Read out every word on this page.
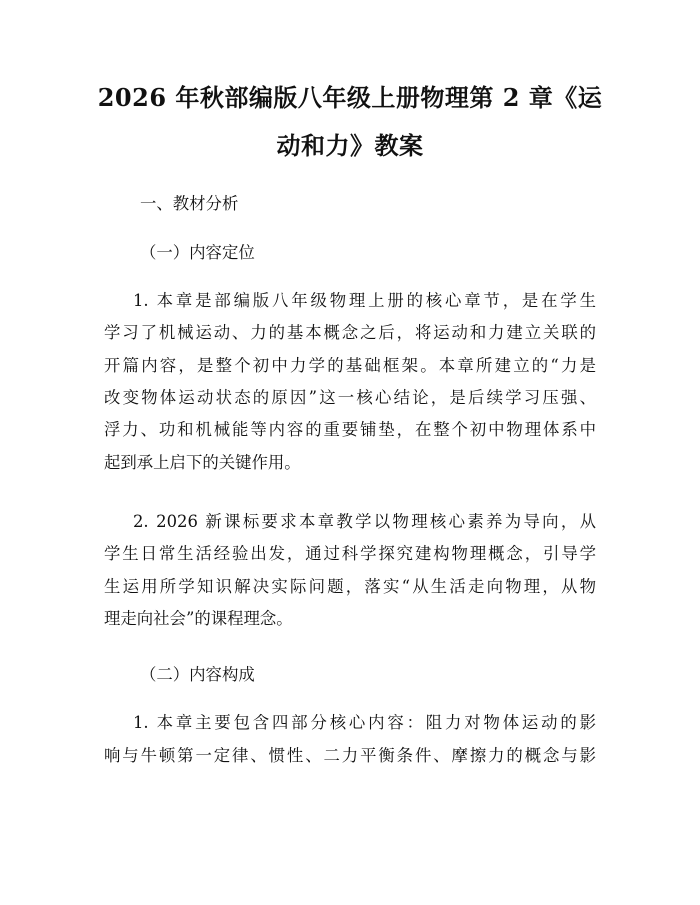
2026 年秋部编版八年级上册物理第 2 章《运
动和力》教案

一、教材分析

（一）内容定位

1. 本章是部编版八年级物理上册的核心章节，是在学生

学习了机械运动、力的基本概念之后，将运动和力建立关联的

开篇内容，是整个初中力学的基础框架。本章所建立的“力是

改变物体运动状态的原因”这一核心结论，是后续学习压强、

浮力、功和机械能等内容的重要铺垫，在整个初中物理体系中

起到承上启下的关键作用。

2. 2026 新课标要求本章教学以物理核心素养为导向，从

学生日常生活经验出发，通过科学探究建构物理概念，引导学

生运用所学知识解决实际问题，落实“从生活走向物理，从物

理走向社会”的课程理念。

（二）内容构成

1. 本章主要包含四部分核心内容：阻力对物体运动的影

响与牛顿第一定律、惯性、二力平衡条件、摩擦力的概念与影
